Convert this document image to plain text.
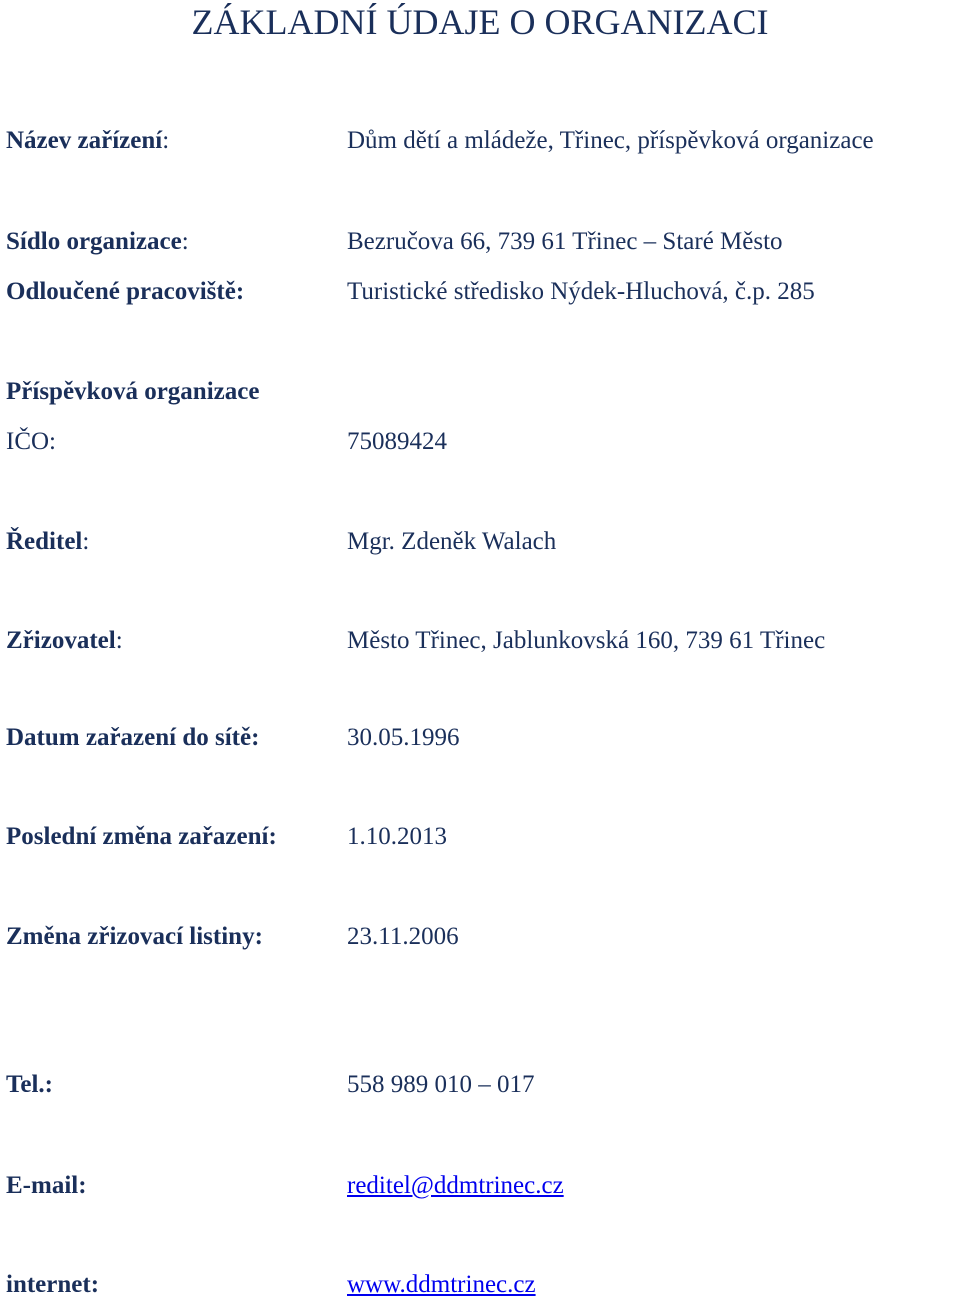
ZÁKLADNÍ ÚDAJE O ORGANIZACI
Název zařízení:	Dům dětí a mládeže, Třinec, příspěvková organizace
Sídlo organizace:	Bezručova 66, 739 61 Třinec – Staré Město
Odloučené pracoviště:	Turistické středisko Nýdek-Hluchová, č.p. 285
Příspěvková organizace
IČO:	75089424
Ředitel:	Mgr. Zdeněk Walach
Zřizovatel:	Město Třinec, Jablunkovská 160, 739 61 Třinec
Datum zařazení do sítě:	30.05.1996
Poslední změna zařazení:	1.10.2013
Změna zřizovací listiny:	23.11.2006
Tel.:	558 989 010 – 017
E-mail:	reditel@ddmtrinec.cz
internet:	www.ddmtrinec.cz
